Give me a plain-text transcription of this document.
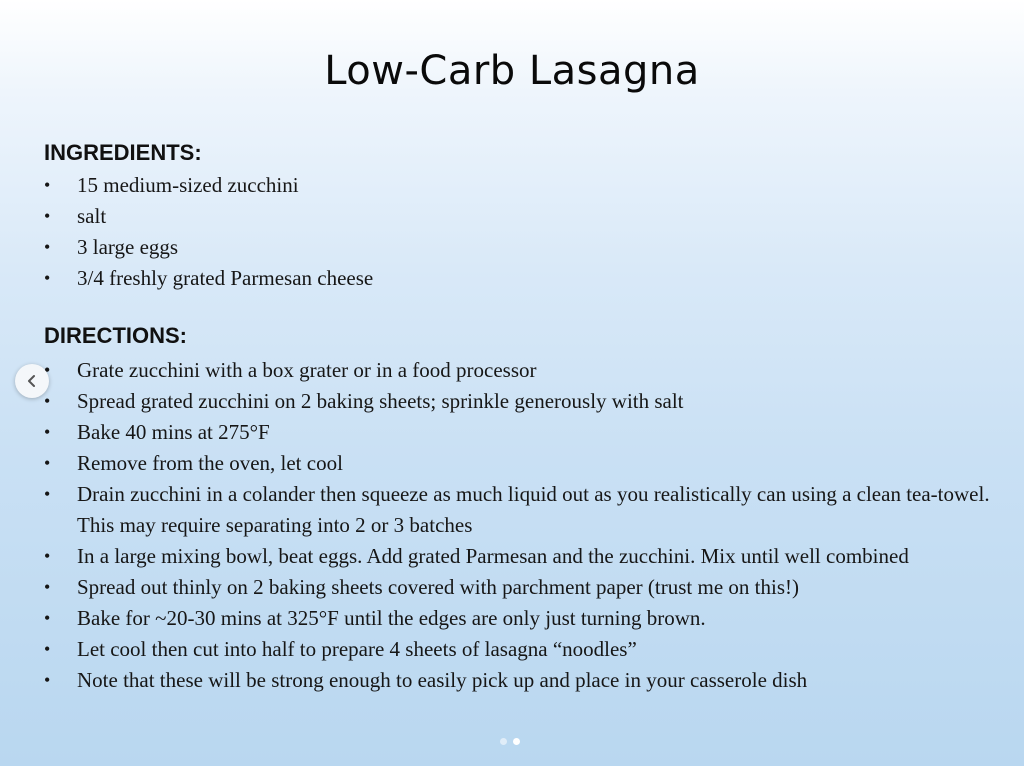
Low-Carb Lasagna
INGREDIENTS:
• 15 medium-sized zucchini
• salt
• 3 large eggs
• 3/4 freshly grated Parmesan cheese
DIRECTIONS:
• Grate zucchini with a box grater or in a food processor
• Spread grated zucchini on 2 baking sheets; sprinkle generously with salt
• Bake 40 mins at 275°F
• Remove from the oven, let cool
• Drain zucchini in a colander then squeeze as much liquid out as you realistically can using a clean tea-towel. This may require separating into 2 or 3 batches
• In a large mixing bowl, beat eggs. Add grated Parmesan and the zucchini. Mix until well combined
• Spread out thinly on 2 baking sheets covered with parchment paper (trust me on this!)
• Bake for ~20-30 mins at 325°F until the edges are only just turning brown.
• Let cool then cut into half to prepare 4 sheets of lasagna “noodles”
• Note that these will be strong enough to easily pick up and place in your casserole dish
